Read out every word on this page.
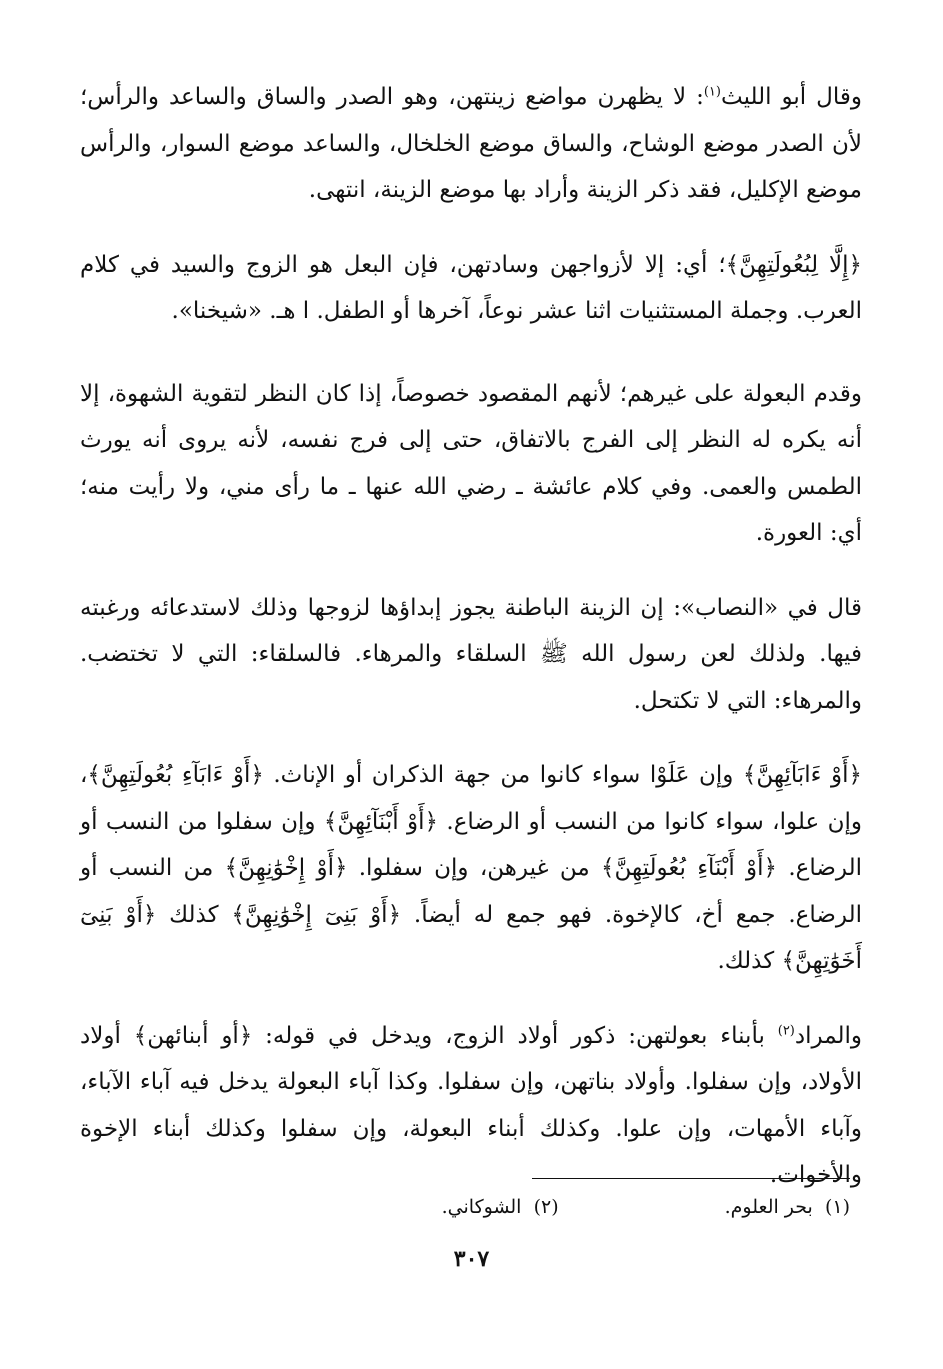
وقال أبو الليث$^{(١)}$: لا يظهرن مواضع زينتهن، وهو الصدر والساق والساعد والرأس؛ لأن الصدر موضع الوشاح، والساق موضع الخلخال، والساعد موضع السوار، والرأس موضع الإكليل، فقد ذكر الزينة وأراد بها موضع الزينة، انتهى.

﴿إِلَّا لِبُعُولَتِهِنَّ﴾؛ أي: إلا لأزواجهن وسادتهن، فإن البعل هو الزوج والسيد في كلام العرب. وجملة المستثنيات اثنا عشر نوعاً، آخرها أو الطفل. ا هـ. «شيخنا».

وقدم البعولة على غيرهم؛ لأنهم المقصود خصوصاً، إذا كان النظر لتقوية الشهوة، إلا أنه يكره له النظر إلى الفرج بالاتفاق، حتى إلى فرج نفسه، لأنه يروى أنه يورث الطمس والعمى. وفي كلام عائشة ـ رضي الله عنها ـ ما رأى مني، ولا رأيت منه؛ أي: العورة.

قال في «النصاب»: إن الزينة الباطنة يجوز إبداؤها لزوجها وذلك لاستدعائه ورغبته فيها. ولذلك لعن رسول الله ﷺ السلقاء والمرهاء. فالسلقاء: التي لا تختضب. والمرهاء: التي لا تكتحل.

﴿أَوْ ءَابَآئِهِنَّ﴾ وإن عَلَوْا سواء كانوا من جهة الذكران أو الإناث. ﴿أَوْ ءَابَآءِ بُعُولَتِهِنَّ﴾، وإن علوا، سواء كانوا من النسب أو الرضاع. ﴿أَوْ أَبْنَآئِهِنَّ﴾ وإن سفلوا من النسب أو الرضاع. ﴿أَوْ أَبْنَآءِ بُعُولَتِهِنَّ﴾ من غيرهن، وإن سفلوا. ﴿أَوْ إِخْوَٰنِهِنَّ﴾ من النسب أو الرضاع. جمع أخ، كالإخوة. فهو جمع له أيضاً. ﴿أَوْ بَنِىٓ إِخْوَٰنِهِنَّ﴾ كذلك ﴿أَوْ بَنِىٓ أَخَوَٰتِهِنَّ﴾ كذلك.

والمراد$^{(٢)}$ بأبناء بعولتهن: ذكور أولاد الزوج، ويدخل في قوله: ﴿أو أبنائهن﴾ أولاد الأولاد، وإن سفلوا. وأولاد بناتهن، وإن سفلوا. وكذا آباء البعولة يدخل فيه آباء الآباء، وآباء الأمهات، وإن علوا. وكذلك أبناء البعولة، وإن سفلوا وكذلك أبناء الإخوة والأخوات.

(١)  بحر العلوم.(٢)  الشوكاني.
٣٠٧
